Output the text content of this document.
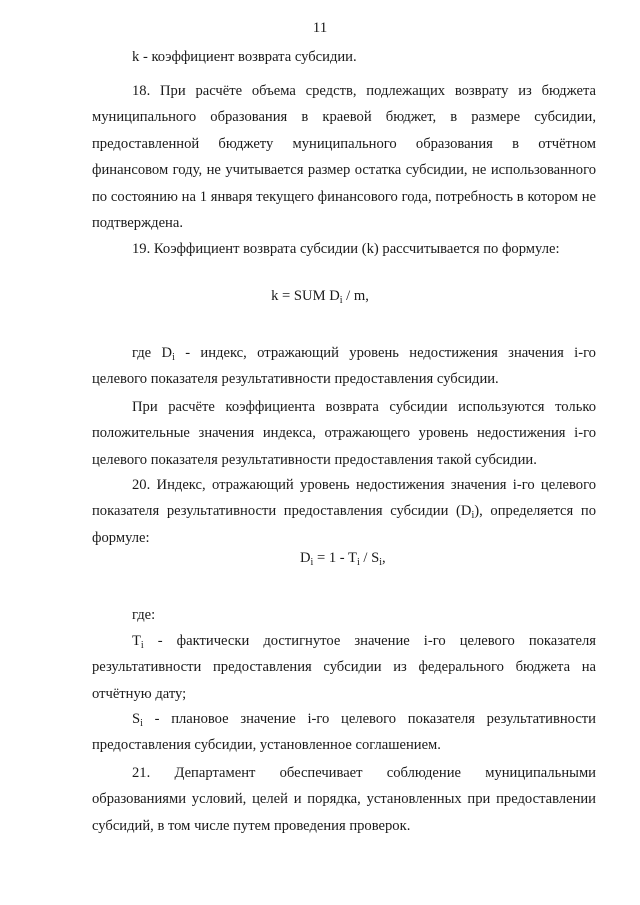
11

k - коэффициент возврата субсидии.

18. При расчёте объема средств, подлежащих возврату из бюджета муниципального образования в краевой бюджет, в размере субсидии, предоставленной бюджету муниципального образования в отчётном финансовом году, не учитывается размер остатка субсидии, не использованного по состоянию на 1 января текущего финансового года, потребность в котором не подтверждена.

19. Коэффициент возврата субсидии (k) рассчитывается по формуле:

k = SUM $D_i$ / m,

где $D_i$ - индекс, отражающий уровень недостижения значения i-го целевого показателя результативности предоставления субсидии.

При расчёте коэффициента возврата субсидии используются только положительные значения индекса, отражающего уровень недостижения i-го целевого показателя результативности предоставления такой субсидии.

20. Индекс, отражающий уровень недостижения значения i-го целевого показателя результативности предоставления субсидии $(D_i)$, определяется по формуле:

$D_i = 1 - T_i / S_i$,

где:

$T_i$ - фактически достигнутое значение i-го целевого показателя результативности предоставления субсидии из федерального бюджета на отчётную дату;

$S_i$ - плановое значение i-го целевого показателя результативности предоставления субсидии, установленное соглашением.

21. Департамент обеспечивает соблюдение муниципальными образованиями условий, целей и порядка, установленных при предоставлении субсидий, в том числе путем проведения проверок.
